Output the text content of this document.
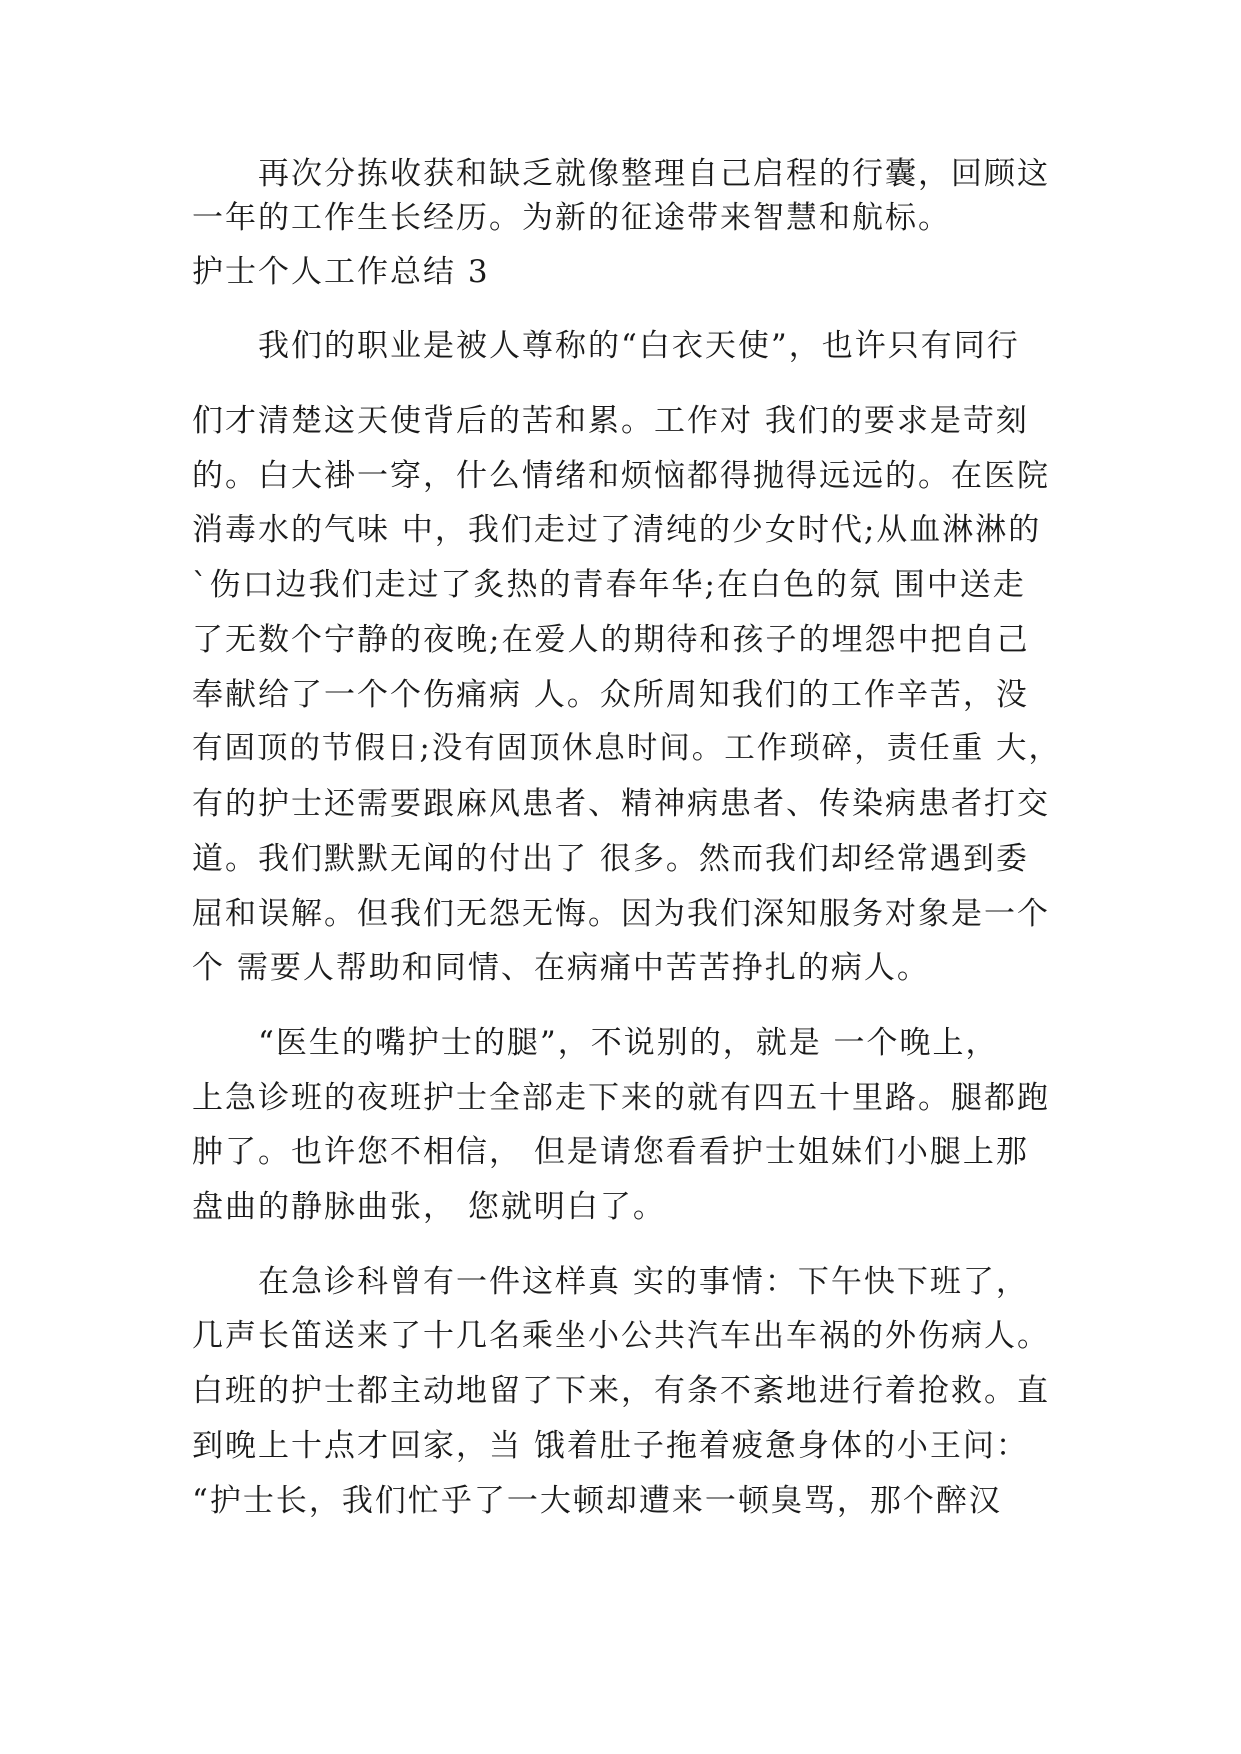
　　再次分拣收获和缺乏就像整理自己启程的行囊，回顾这

一年的工作生长经历。为新的征途带来智慧和航标。

护士个人工作总结 3

　　我们的职业是被人尊称的“白衣天使”，也许只有同行

们才清楚这天使背后的苦和累。工作对 我们的要求是苛刻

的。白大褂一穿，什么情绪和烦恼都得抛得远远的。在医院

消毒水的气味 中，我们走过了清纯的少女时代;从血淋淋的

`伤口边我们走过了炙热的青春年华;在白色的氛 围中送走

了无数个宁静的夜晚;在爱人的期待和孩子的埋怨中把自己

奉献给了一个个伤痛病 人。众所周知我们的工作辛苦，没

有固顶的节假日;没有固顶休息时间。工作琐碎，责任重 大，

有的护士还需要跟麻风患者、精神病患者、传染病患者打交

道。我们默默无闻的付出了 很多。然而我们却经常遇到委

屈和误解。但我们无怨无悔。因为我们深知服务对象是一个

个 需要人帮助和同情、在病痛中苦苦挣扎的病人。

　　“医生的嘴护士的腿”，不说别的，就是 一个晚上，

上急诊班的夜班护士全部走下来的就有四五十里路。腿都跑

肿了。也许您不相信， 但是请您看看护士姐妹们小腿上那

盘曲的静脉曲张， 您就明白了。

　　在急诊科曾有一件这样真 实的事情：下午快下班了，

几声长笛送来了十几名乘坐小公共汽车出车祸的外伤病人。

白班的护士都主动地留了下来，有条不紊地进行着抢救。直

到晚上十点才回家，当 饿着肚子拖着疲惫身体的小王问：

“护士长，我们忙乎了一大顿却遭来一顿臭骂，那个醉汉
